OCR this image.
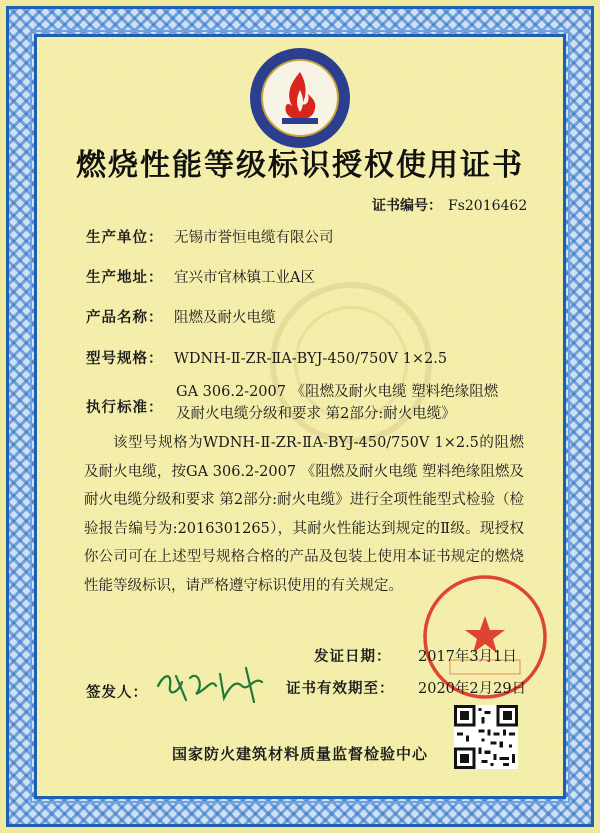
燃烧性能等级标识授权使用证书
证书编号： Fs2016462
生产单位： 无锡市誉恒电缆有限公司
生产地址： 宜兴市官林镇工业A区
产品名称： 阻燃及耐火电缆
型号规格： WDNH-Ⅱ-ZR-ⅡA-BYJ-450/750V 1×2.5
执行标准：
GA 306.2-2007 《阻燃及耐火电缆 塑料绝缘阻燃及耐火电缆分级和要求 第2部分:耐火电缆》
该型号规格为WDNH-Ⅱ-ZR-ⅡA-BYJ-450/750V 1×2.5的阻燃及耐火电缆，按GA 306.2-2007 《阻燃及耐火电缆 塑料绝缘阻燃及耐火电缆分级和要求 第2部分:耐火电缆》进行全项性能型式检验（检验报告编号为:2016301265），其耐火性能达到规定的Ⅱ级。现授权你公司可在上述型号规格合格的产品及包装上使用本证书规定的燃烧性能等级标识，请严格遵守标识使用的有关规定。
发证日期： 2017年3月1日
签发人：	证书有效期至： 2020年2月29日
国家防火建筑材料质量监督检验中心
